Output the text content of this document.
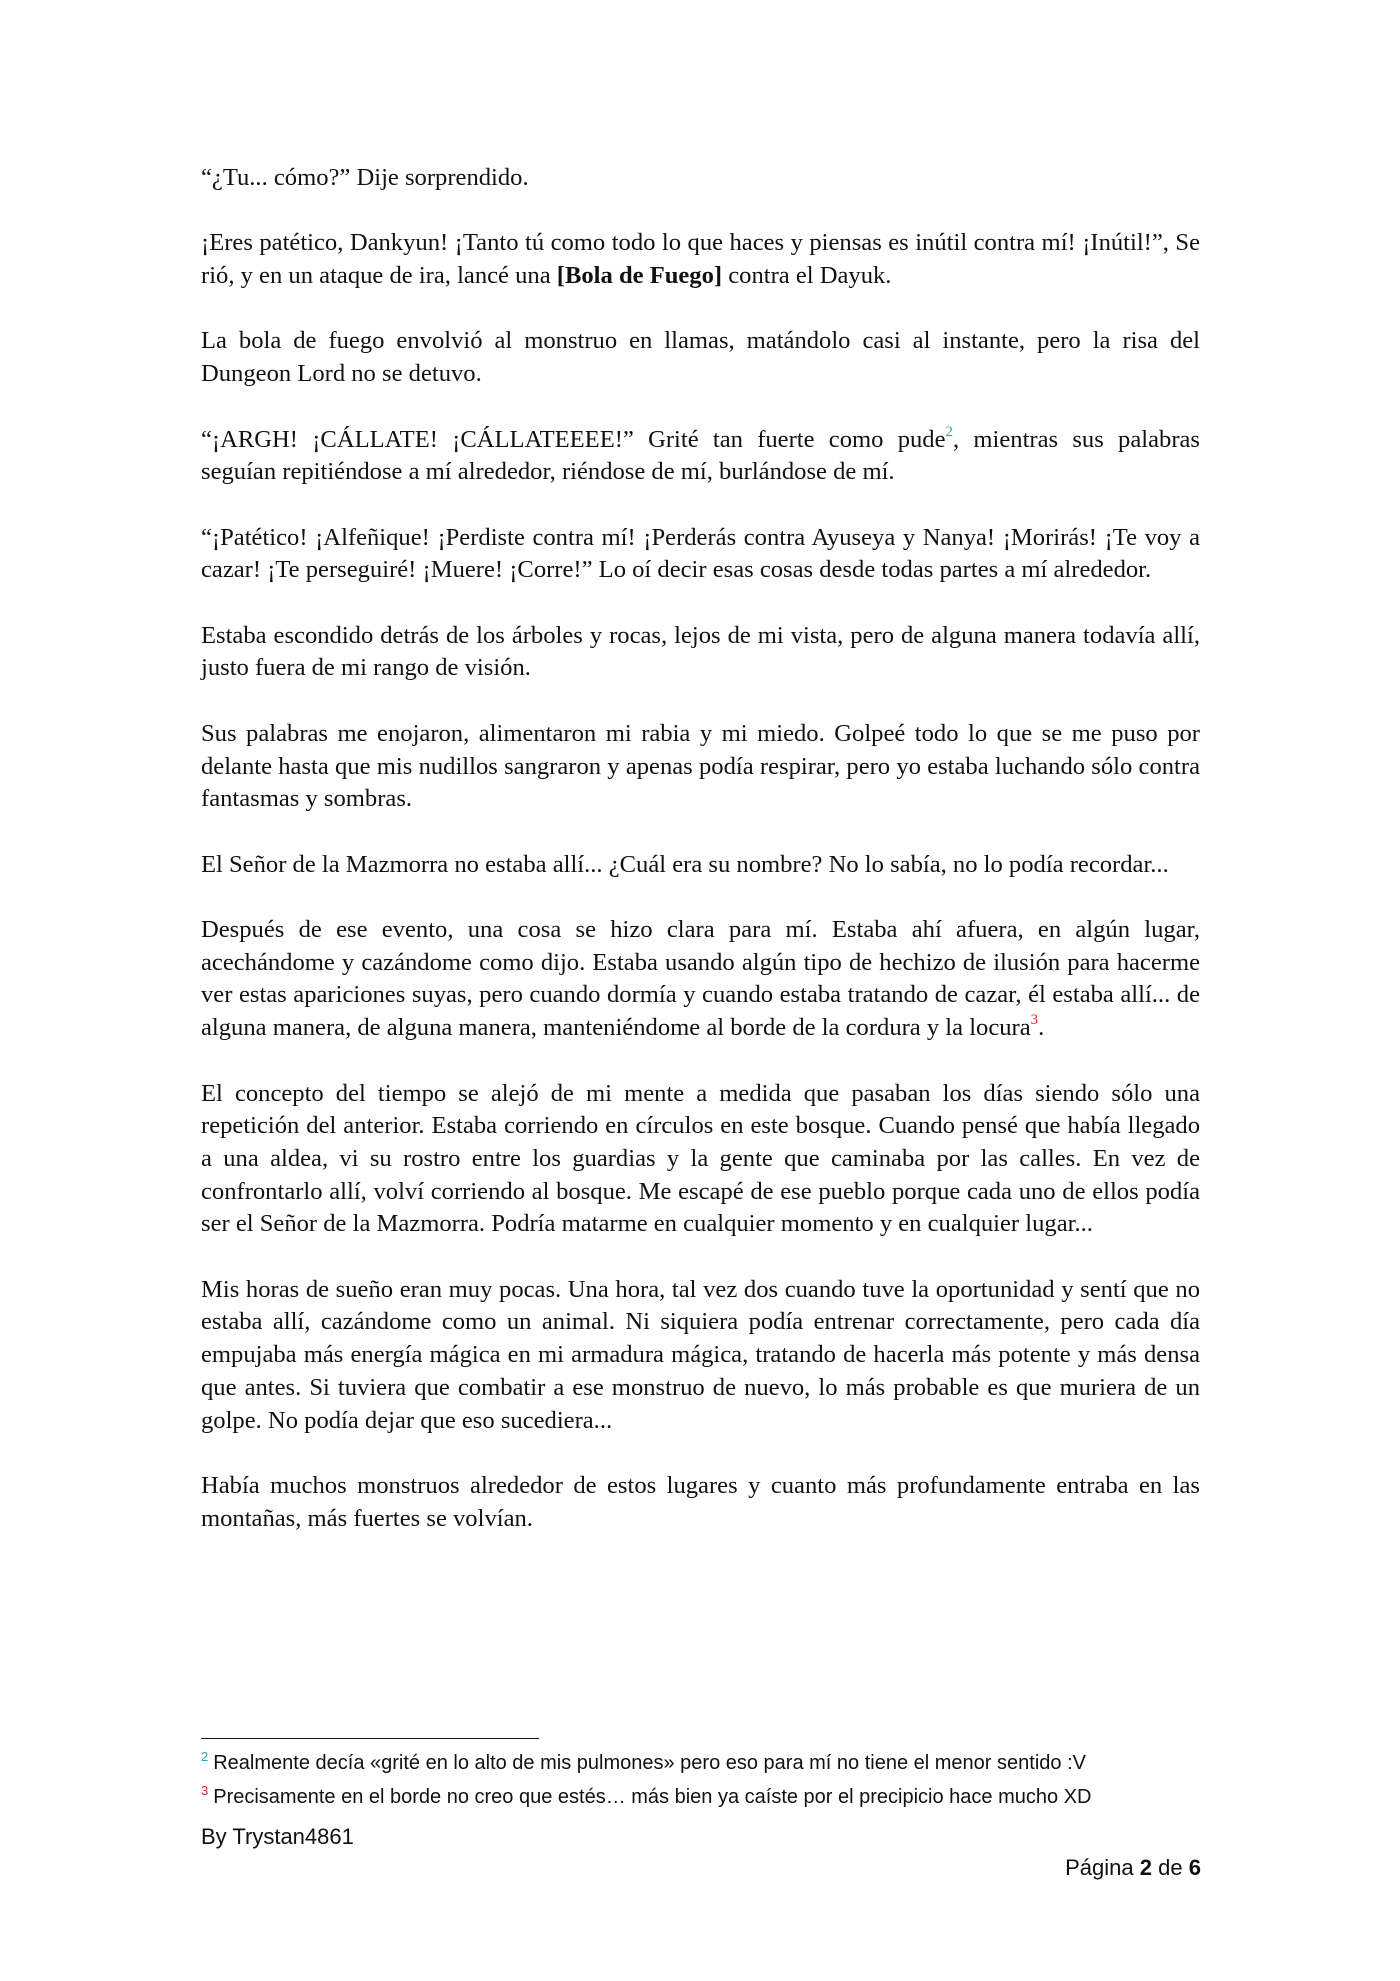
“¿Tu... cómo?” Dije sorprendido.

¡Eres patético, Dankyun! ¡Tanto tú como todo lo que haces y piensas es inútil contra mí! ¡Inútil!”, Se rió, y en un ataque de ira, lancé una [Bola de Fuego] contra el Dayuk.

La bola de fuego envolvió al monstruo en llamas, matándolo casi al instante, pero la risa del Dungeon Lord no se detuvo.

“¡ARGH! ¡CÁLLATE! ¡CÁLLATEEEE!” Grité tan fuerte como pude$^2$, mientras sus palabras seguían repitiéndose a mí alrededor, riéndose de mí, burlándose de mí.

“¡Patético! ¡Alfeñique! ¡Perdiste contra mí! ¡Perderás contra Ayuseya y Nanya! ¡Morirás! ¡Te voy a cazar! ¡Te perseguiré! ¡Muere! ¡Corre!” Lo oí decir esas cosas desde todas partes a mí alrededor.

Estaba escondido detrás de los árboles y rocas, lejos de mi vista, pero de alguna manera todavía allí, justo fuera de mi rango de visión.

Sus palabras me enojaron, alimentaron mi rabia y mi miedo. Golpeé todo lo que se me puso por delante hasta que mis nudillos sangraron y apenas podía respirar, pero yo estaba luchando sólo contra fantasmas y sombras.

El Señor de la Mazmorra no estaba allí... ¿Cuál era su nombre? No lo sabía, no lo podía recordar...

Después de ese evento, una cosa se hizo clara para mí. Estaba ahí afuera, en algún lugar, acechándome y cazándome como dijo. Estaba usando algún tipo de hechizo de ilusión para hacerme ver estas apariciones suyas, pero cuando dormía y cuando estaba tratando de cazar, él estaba allí... de alguna manera, de alguna manera, manteniéndome al borde de la cordura y la locura$^3$.

El concepto del tiempo se alejó de mi mente a medida que pasaban los días siendo sólo una repetición del anterior. Estaba corriendo en círculos en este bosque. Cuando pensé que había llegado a una aldea, vi su rostro entre los guardias y la gente que caminaba por las calles. En vez de confrontarlo allí, volví corriendo al bosque. Me escapé de ese pueblo porque cada uno de ellos podía ser el Señor de la Mazmorra. Podría matarme en cualquier momento y en cualquier lugar...

Mis horas de sueño eran muy pocas. Una hora, tal vez dos cuando tuve la oportunidad y sentí que no estaba allí, cazándome como un animal. Ni siquiera podía entrenar correctamente, pero cada día empujaba más energía mágica en mi armadura mágica, tratando de hacerla más potente y más densa que antes. Si tuviera que combatir a ese monstruo de nuevo, lo más probable es que muriera de un golpe. No podía dejar que eso sucediera...

Había muchos monstruos alrededor de estos lugares y cuanto más profundamente entraba en las montañas, más fuertes se volvían.

$^2$ Realmente decía «grité en lo alto de mis pulmones» pero eso para mí no tiene el menor sentido :V
$^3$ Precisamente en el borde no creo que estés… más bien ya caíste por el precipicio hace mucho XD
By Trystan4861
Página 2 de 6
